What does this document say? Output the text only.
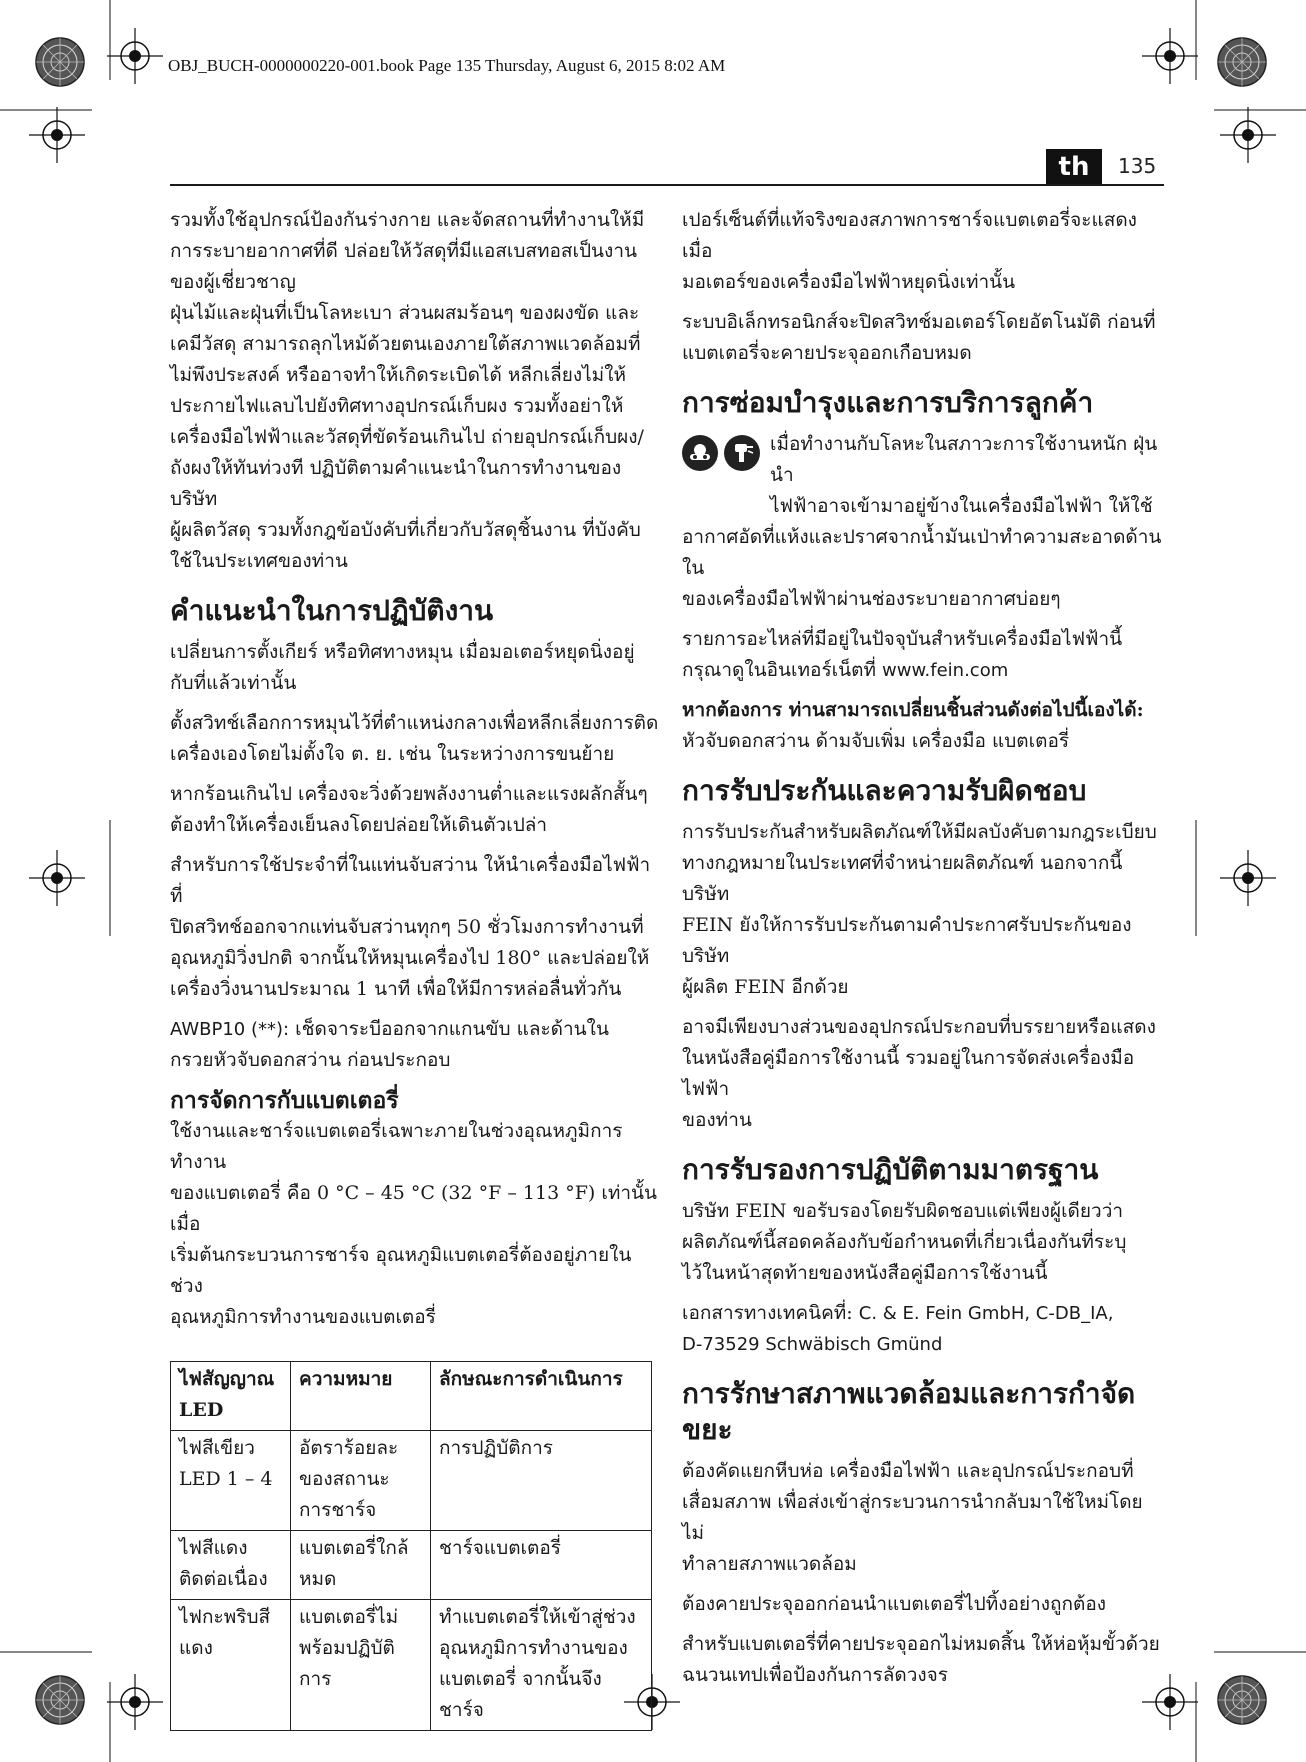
OBJ_BUCH-0000000220-001.book Page 135 Thursday, August 6, 2015 8:02 AM
th	135

รวมทั้งใช้อุปกรณ์ป้องกันร่างกาย และจัดสถานที่ทำงานให้มี
การระบายอากาศที่ดี ปล่อยให้วัสดุที่มีแอสเบสทอสเป็นงาน
ของผู้เชี่ยวชาญ
ฝุ่นไม้และฝุ่นที่เป็นโลหะเบา ส่วนผสมร้อนๆ ของผงขัด และ
เคมีวัสดุ สามารถลุกไหม้ด้วยตนเองภายใต้สภาพแวดล้อมที่
ไม่พึงประสงค์ หรืออาจทำให้เกิดระเบิดได้ หลีกเลี่ยงไม่ให้
ประกายไฟแลบไปยังทิศทางอุปกรณ์เก็บผง รวมทั้งอย่าให้
เครื่องมือไฟฟ้าและวัสดุที่ขัดร้อนเกินไป ถ่ายอุปกรณ์เก็บผง/
ถังผงให้ทันท่วงที ปฏิบัติตามคำแนะนำในการทำงานของบริษัท
ผู้ผลิตวัสดุ รวมทั้งกฎข้อบังคับที่เกี่ยวกับวัสดุชิ้นงาน ที่บังคับ
ใช้ในประเทศของท่าน

คำแนะนำในการปฏิบัติงาน

เปลี่ยนการตั้งเกียร์ หรือทิศทางหมุน เมื่อมอเตอร์หยุดนิ่งอยู่
กับที่แล้วเท่านั้น

ตั้งสวิทช์เลือกการหมุนไว้ที่ตำแหน่งกลางเพื่อหลีกเลี่ยงการติด
เครื่องเองโดยไม่ตั้งใจ ต. ย. เช่น ในระหว่างการขนย้าย

หากร้อนเกินไป เครื่องจะวิ่งด้วยพลังงานต่ำและแรงผลักสั้นๆ
ต้องทำให้เครื่องเย็นลงโดยปล่อยให้เดินตัวเปล่า

สำหรับการใช้ประจำที่ในแท่นจับสว่าน ให้นำเครื่องมือไฟฟ้าที่
ปิดสวิทช์ออกจากแท่นจับสว่านทุกๆ 50 ชั่วโมงการทำงานที่
อุณหภูมิวิ่งปกติ จากนั้นให้หมุนเครื่องไป 180° และปล่อยให้
เครื่องวิ่งนานประมาณ 1 นาที เพื่อให้มีการหล่อลื่นทั่วกัน

AWBP10 (**): เช็ดจาระบีออกจากแกนขับ และด้านใน
กรวยหัวจับดอกสว่าน ก่อนประกอบ

การจัดการกับแบตเตอรี่

ใช้งานและชาร์จแบตเตอรี่เฉพาะภายในช่วงอุณหภูมิการทำงาน
ของแบตเตอรี่ คือ 0 °C – 45 °C (32 °F – 113 °F) เท่านั้น เมื่อ
เริ่มต้นกระบวนการชาร์จ อุณหภูมิแบตเตอรี่ต้องอยู่ภายในช่วง
อุณหภูมิการทำงานของแบตเตอรี่

ไฟสัญญาณ LED	ความหมาย	ลักษณะการดำเนินการ
ไฟสีเขียว LED 1 – 4	อัตราร้อยละของสถานะการชาร์จ	การปฏิบัติการ
ไฟสีแดงติดต่อเนื่อง	แบตเตอรี่ใกล้หมด	ชาร์จแบตเตอรี่
ไฟกะพริบสีแดง	แบตเตอรี่ไม่พร้อมปฏิบัติการ	ทำแบตเตอรี่ให้เข้าสู่ช่วงอุณหภูมิการทำงานของแบตเตอรี่ จากนั้นจึงชาร์จ

เปอร์เซ็นต์ที่แท้จริงของสภาพการชาร์จแบตเตอรี่จะแสดงเมื่อ
มอเตอร์ของเครื่องมือไฟฟ้าหยุดนิ่งเท่านั้น

ระบบอิเล็กทรอนิกส์จะปิดสวิทช์มอเตอร์โดยอัตโนมัติ ก่อนที่
แบตเตอรี่จะคายประจุออกเกือบหมด

การซ่อมบำรุงและการบริการลูกค้า

เมื่อทำงานกับโลหะในสภาวะการใช้งานหนัก ฝุ่นนำ
ไฟฟ้าอาจเข้ามาอยู่ข้างในเครื่องมือไฟฟ้า ให้ใช้

อากาศอัดที่แห้งและปราศจากน้ำมันเป่าทำความสะอาดด้านใน
ของเครื่องมือไฟฟ้าผ่านช่องระบายอากาศบ่อยๆ

รายการอะไหล่ที่มีอยู่ในปัจจุบันสำหรับเครื่องมือไฟฟ้านี้
กรุณาดูในอินเทอร์เน็ตที่ www.fein.com

หากต้องการ ท่านสามารถเปลี่ยนชิ้นส่วนดังต่อไปนี้เองได้:
หัวจับดอกสว่าน ด้ามจับเพิ่ม เครื่องมือ แบตเตอรี่

การรับประกันและความรับผิดชอบ

การรับประกันสำหรับผลิตภัณฑ์ให้มีผลบังคับตามกฎระเบียบ
ทางกฎหมายในประเทศที่จำหน่ายผลิตภัณฑ์ นอกจากนี้ บริษัท
FEIN ยังให้การรับประกันตามคำประกาศรับประกันของบริษัท
ผู้ผลิต FEIN อีกด้วย

อาจมีเพียงบางส่วนของอุปกรณ์ประกอบที่บรรยายหรือแสดง
ในหนังสือคู่มือการใช้งานนี้ รวมอยู่ในการจัดส่งเครื่องมือไฟฟ้า
ของท่าน

การรับรองการปฏิบัติตามมาตรฐาน

บริษัท FEIN ขอรับรองโดยรับผิดชอบแต่เพียงผู้เดียวว่า
ผลิตภัณฑ์นี้สอดคล้องกับข้อกำหนดที่เกี่ยวเนื่องกันที่ระบุ
ไว้ในหน้าสุดท้ายของหนังสือคู่มือการใช้งานนี้

เอกสารทางเทคนิคที่: C. & E. Fein GmbH, C-DB_IA,
D-73529 Schwäbisch Gmünd

การรักษาสภาพแวดล้อมและการกำจัดขยะ

ต้องคัดแยกหีบห่อ เครื่องมือไฟฟ้า และอุปกรณ์ประกอบที่
เสื่อมสภาพ เพื่อส่งเข้าสู่กระบวนการนำกลับมาใช้ใหม่โดยไม่
ทำลายสภาพแวดล้อม

ต้องคายประจุออกก่อนนำแบตเตอรี่ไปทิ้งอย่างถูกต้อง

สำหรับแบตเตอรี่ที่คายประจุออกไม่หมดสิ้น ให้ห่อหุ้มขั้วด้วย
ฉนวนเทปเพื่อป้องกันการลัดวงจร
